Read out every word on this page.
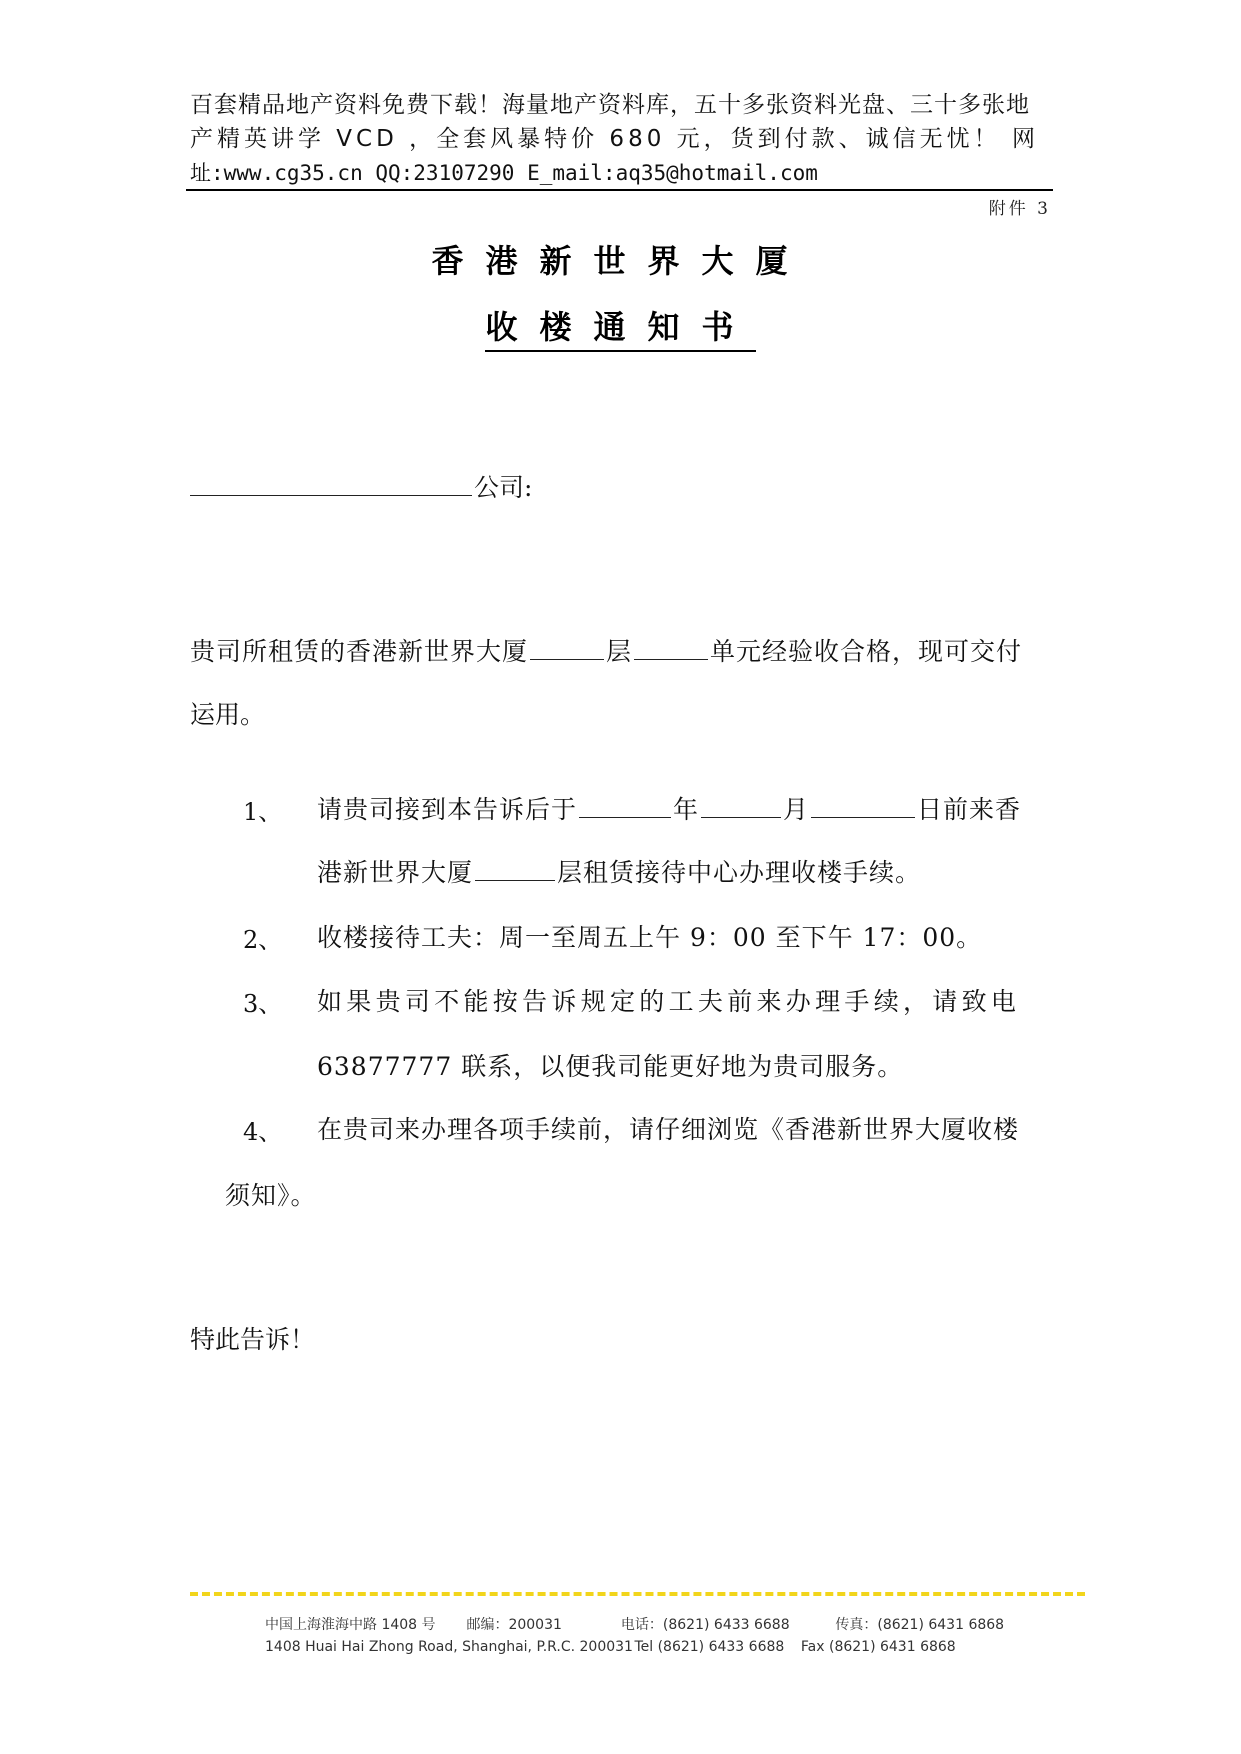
百套精品地产资料免费下载！海量地产资料库，五十多张资料光盘、三十多张地
产精英讲学 VCD ，全套风暴特价 680 元，货到付款、诚信无忧！ 网
址:www.cg35.cn QQ:23107290 E_mail:aq35@hotmail.com
附件 3
香港新世界大厦
收楼通知书
公司:
贵司所租赁的香港新世界大厦	层	单元经验收合格，现可交付
运用。
1、 请贵司接到本告诉后于	年	月	日前来香
港新世界大厦	层租赁接待中心办理收楼手续。
2、 收楼接待工夫：周一至周五上午 9：00 至下午 17：00。
3、 如果贵司不能按告诉规定的工夫前来办理手续，请致电
63877777 联系，以便我司能更好地为贵司服务。
4、 在贵司来办理各项手续前，请仔细浏览《香港新世界大厦收楼
须知》。
特此告诉！
中国上海淮海中路 1408 号 邮编：200031	电话：(8621) 6433 6688	传真：(8621) 6431 6868
1408 Huai Hai Zhong Road, Shanghai, P.R.C. 200031 Tel (8621) 6433 6688 Fax (8621) 6431 6868
